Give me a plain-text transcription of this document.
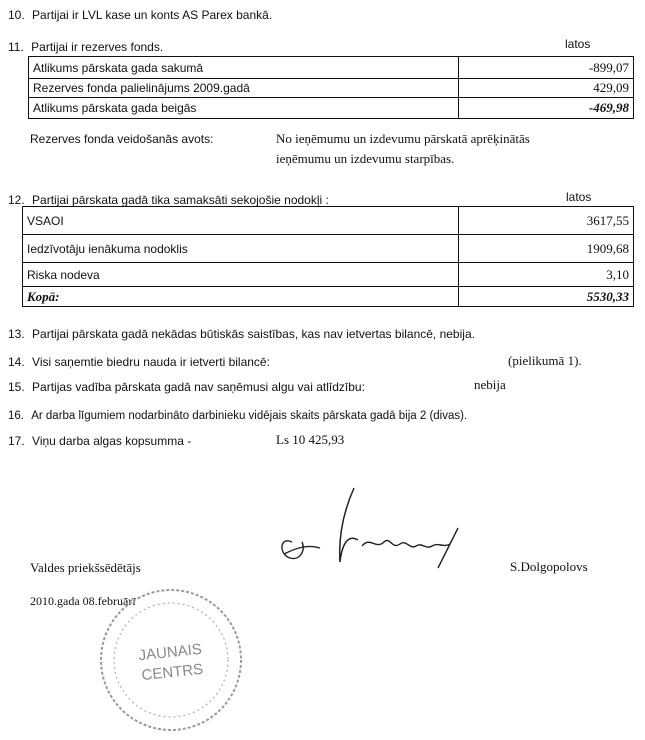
10. Partijai ir LVL kase un konts AS Parex bankā.
11. Partijai ir rezerves fonds.	latos
Atlikums pārskata gada sakumā	-899,07
Rezerves fonda palielinājums 2009.gadā	429,09
Atlikums pārskata gada beigās	-469,98
Rezerves fonda veidošanās avots:	No ieņēmumu un izdevumu pārskatā aprēķinātās
ieņēmumu un izdevumu starpības.
12. Partijai pārskata gadā tika samaksāti sekojošie nodokļi :	latos
VSAOI	3617,55
Iedzīvotāju ienākuma nodoklis	1909,68
Riska nodeva	3,10
Kopā:	5530,33
13. Partijai pārskata gadā nekādas būtiskās saistības, kas nav ietvertas bilancē, nebija.
14. Visi saņemtie biedru nauda ir ietverti bilancē:	(pielikumā 1).
15. Partijas vadība pārskata gadā nav saņēmusi algu vai atlīdzību:	nebija
16. Ar darba līgumiem nodarbināto darbinieku vidējais skaits pārskata gadā bija 2 (divas).
17. Viņu darba algas kopsumma -	Ls 10 425,93
Valdes priekšsēdētājs	S.Dolgopolovs
2010.gada 08.februārī
JAUNAIS
CENTRS
